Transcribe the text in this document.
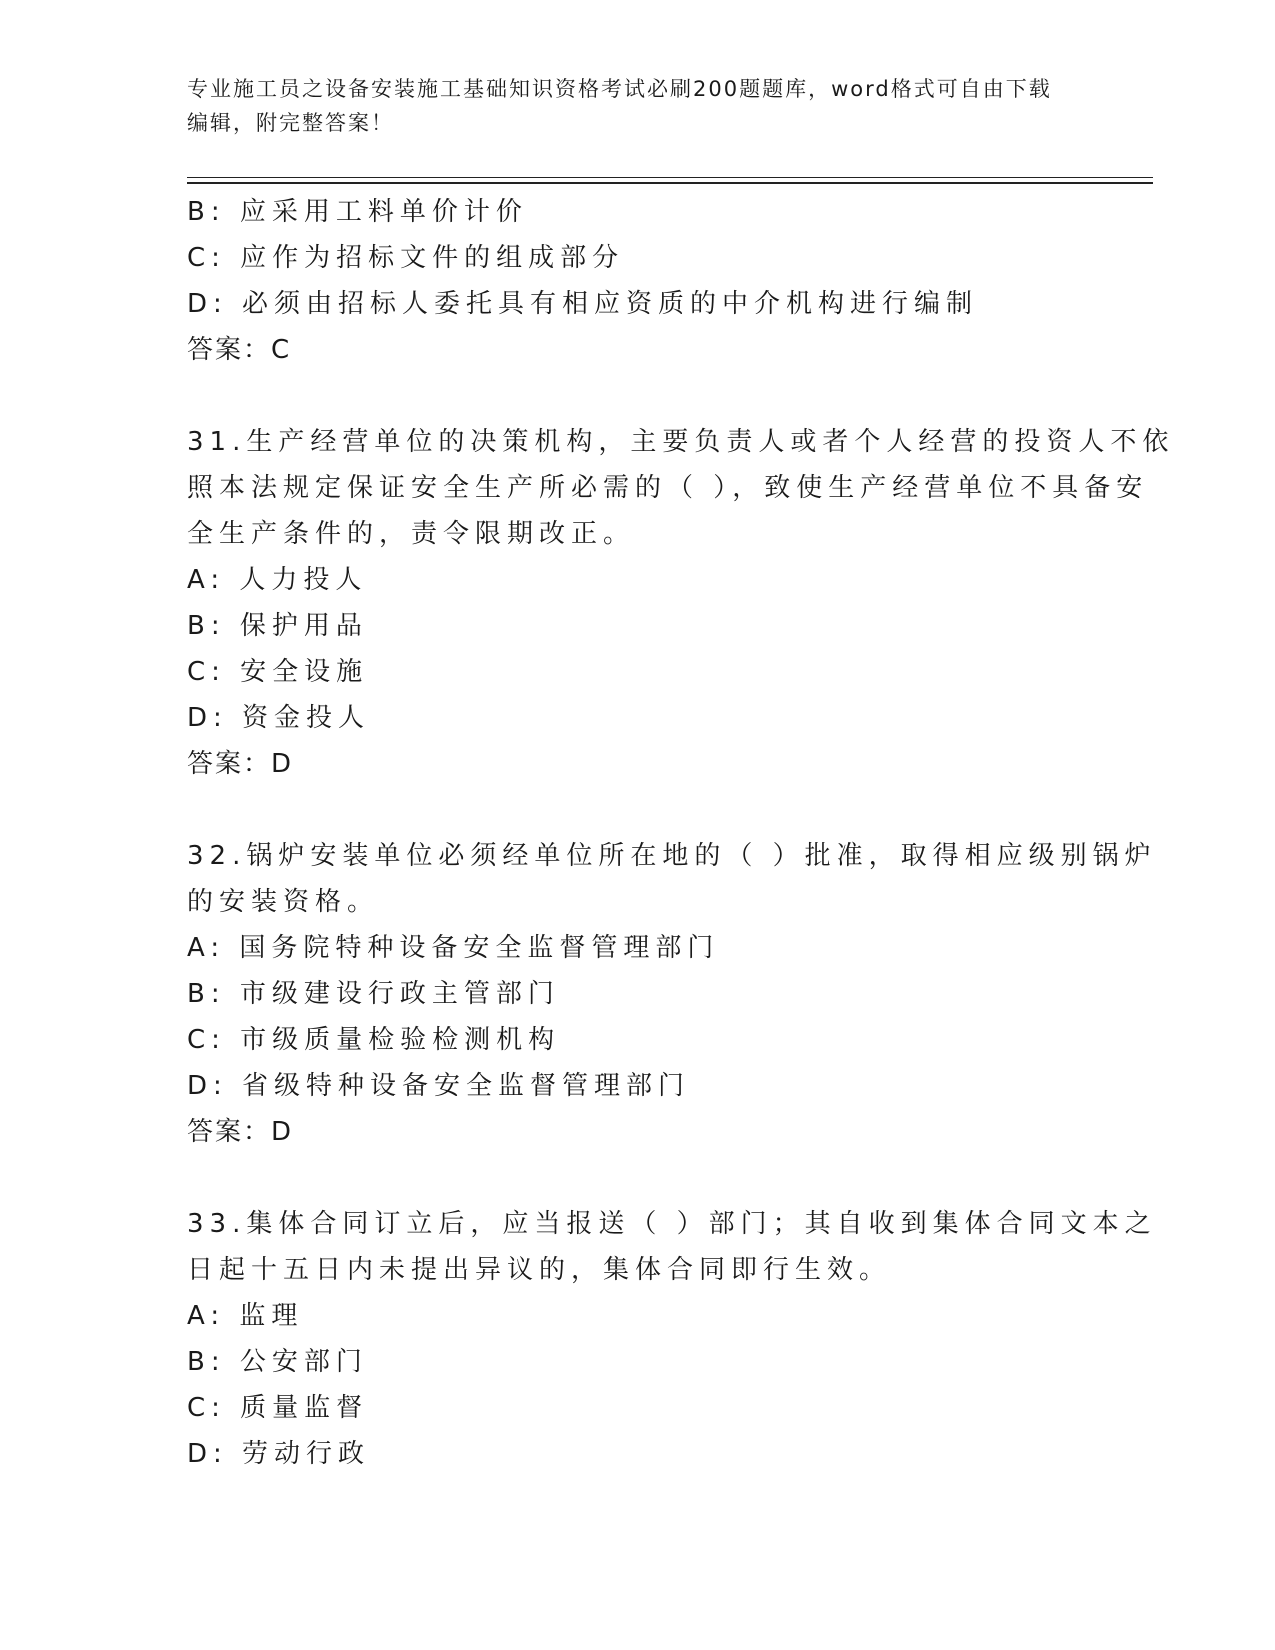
专业施工员之设备安装施工基础知识资格考试必刷200题题库，word格式可自由下载编辑，附完整答案！
B: 应采用工料单价计价
C: 应作为招标文件的组成部分
D: 必须由招标人委托具有相应资质的中介机构进行编制
答案：C
31.生产经营单位的决策机构，主要负责人或者个人经营的投资人不依
照本法规定保证安全生产所必需的（ ），致使生产经营单位不具备安
全生产条件的，责令限期改正。
A: 人力投人
B: 保护用品
C: 安全设施
D: 资金投人
答案：D
32.锅炉安装单位必须经单位所在地的（ ）批准，取得相应级别锅炉
的安装资格。
A: 国务院特种设备安全监督管理部门
B: 市级建设行政主管部门
C: 市级质量检验检测机构
D: 省级特种设备安全监督管理部门
答案：D
33.集体合同订立后，应当报送（ ）部门；其自收到集体合同文本之
日起十五日内未提出异议的，集体合同即行生效。
A: 监理
B: 公安部门
C: 质量监督
D: 劳动行政
